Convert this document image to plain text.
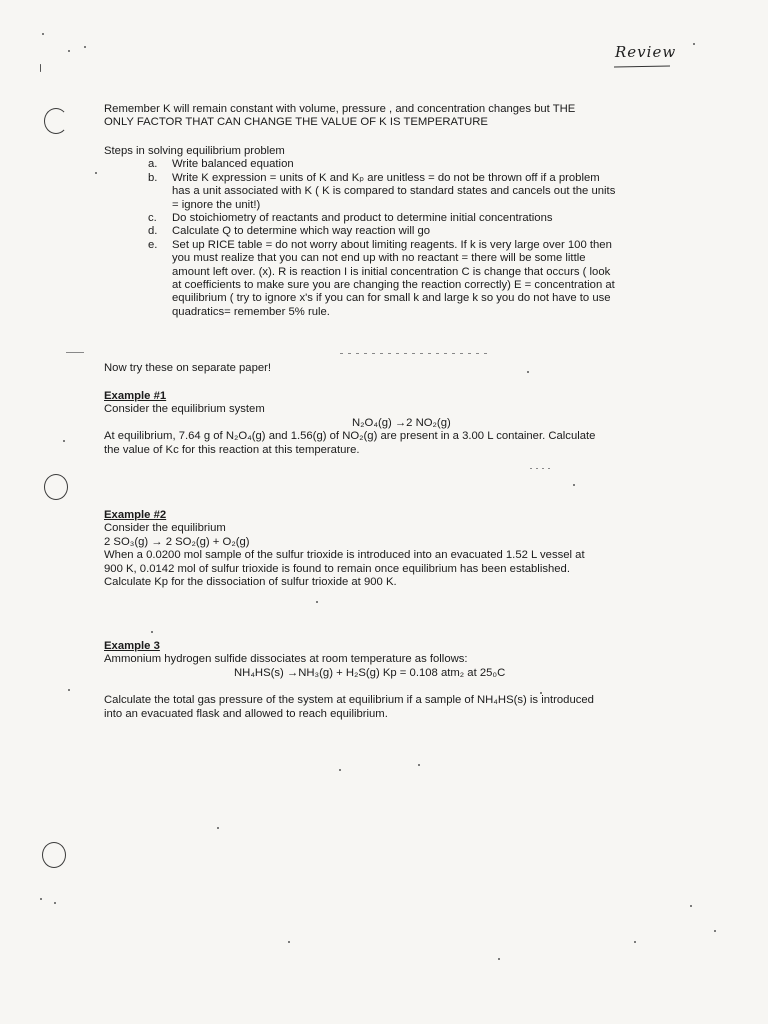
Review

Remember K will remain constant with volume, pressure , and concentration changes but THE

ONLY FACTOR THAT CAN CHANGE THE VALUE OF K IS TEMPERATURE

Steps in solving equilibrium problem

a. Write balanced equation
b. Write K expression = units of K and Kₚ are unitless = do not be thrown off if a problem
has a unit associated with K ( K is compared to standard states and cancels out the units
= ignore the unit!)
c. Do stoichiometry of reactants and product to determine initial concentrations
d. Calculate Q to determine which way reaction will go
e. Set up RICE table = do not worry about limiting reagents. If k is very large over 100 then
you must realize that you can not end up with no reactant = there will be some little
amount left over. (x). R is reaction I is initial concentration C is change that occurs ( look
at coefficients to make sure you are changing the reaction correctly) E = concentration at
equilibrium ( try to ignore x's if you can for small k and large k so you do not have to use
quadratics= remember 5% rule.
Now try these on separate paper!

Example #1

Consider the equilibrium system

N₂O₄(g) →2 NO₂(g)

At equilibrium, 7.64 g of N₂O₄(g) and 1.56(g) of NO₂(g) are present in a 3.00 L container. Calculate

the value of Kc for this reaction at this temperature.

Example #2

Consider the equilibrium

2 SO₃(g) → 2 SO₂(g) + O₂(g)

When a 0.0200 mol sample of the sulfur trioxide is introduced into an evacuated 1.52 L vessel at

900 K, 0.0142 mol of sulfur trioxide is found to remain once equilibrium has been established.

Calculate Kp for the dissociation of sulfur trioxide at 900 K.

Example 3

Ammonium hydrogen sulfide dissociates at room temperature as follows:

NH₄HS(s) →NH₃(g) + H₂S(g) Kp = 0.108 atm₂ at 25₀C

Calculate the total gas pressure of the system at equilibrium if a sample of NH₄HS(s) is introduced

into an evacuated flask and allowed to reach equilibrium.
